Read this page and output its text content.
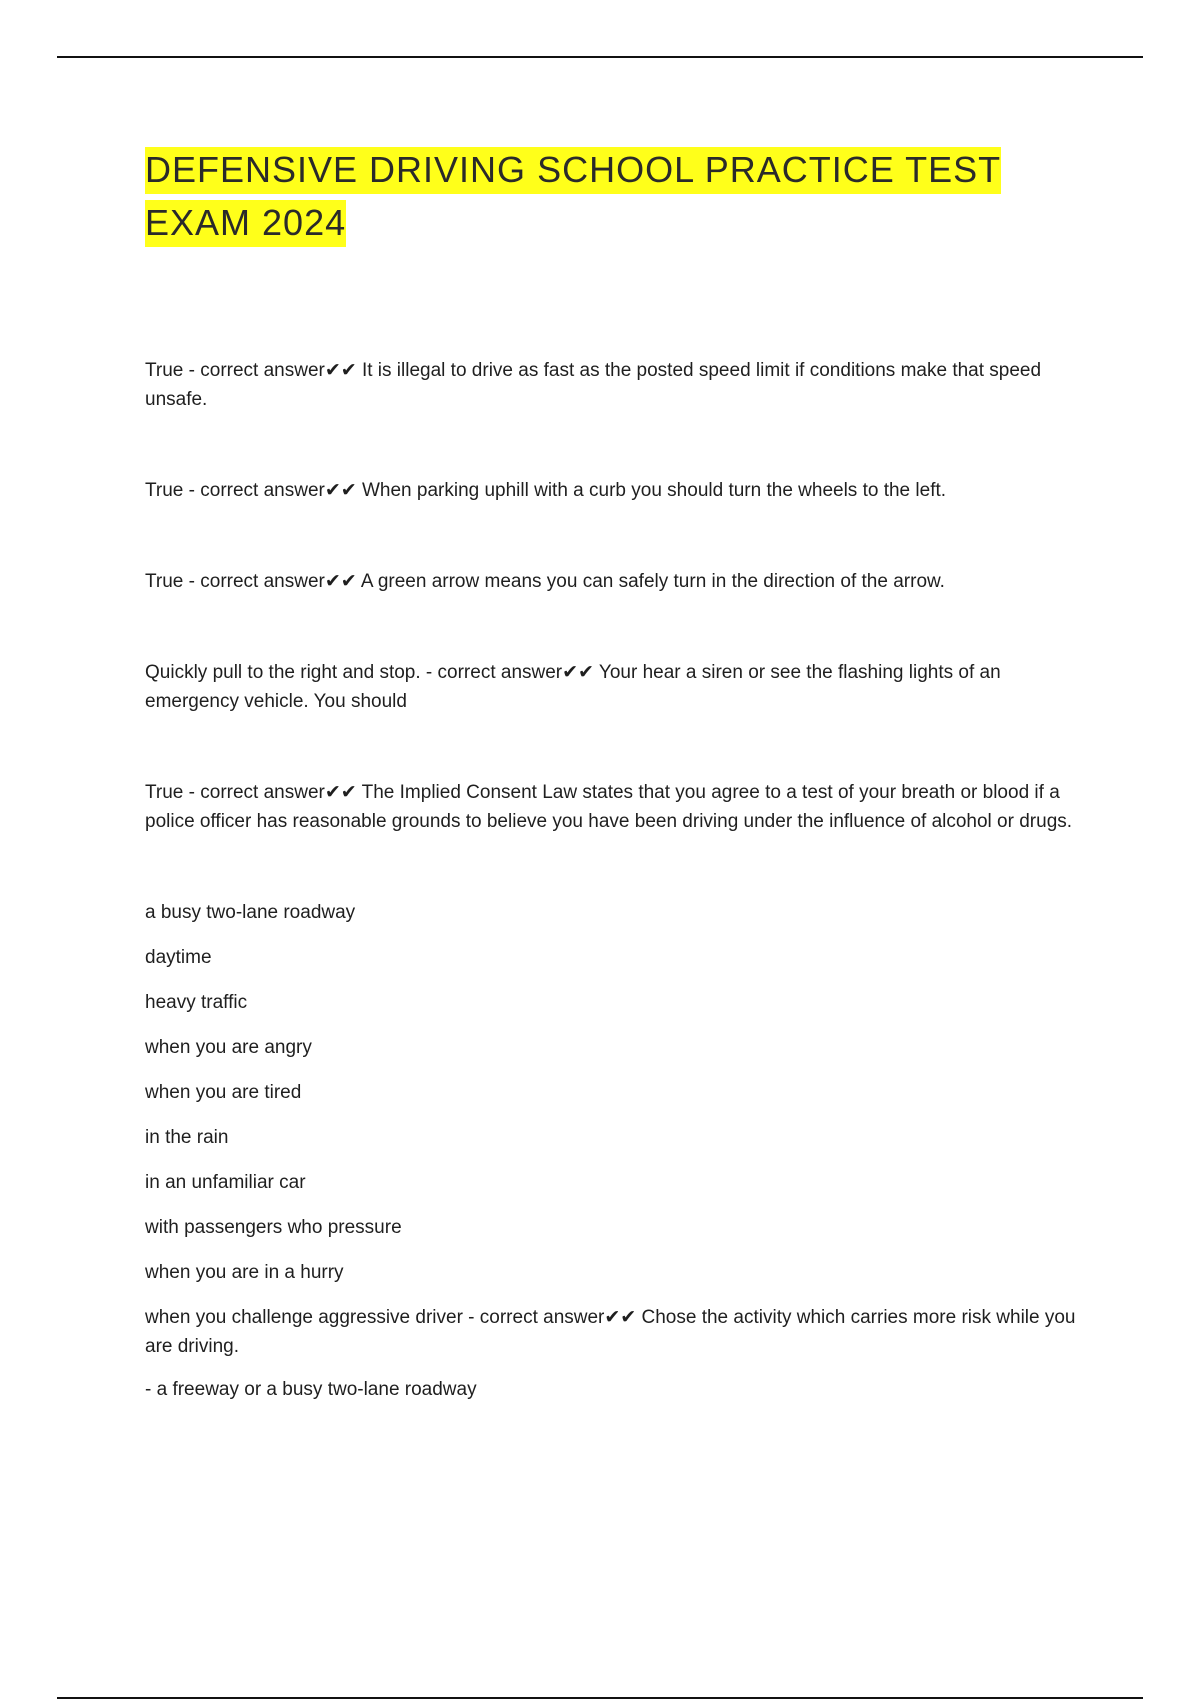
DEFENSIVE DRIVING SCHOOL PRACTICE TEST EXAM 2024
True - correct answer✔✔ It is illegal to drive as fast as the posted speed limit if conditions make that speed unsafe.
True - correct answer✔✔ When parking uphill with a curb you should turn the wheels to the left.
True - correct answer✔✔ A green arrow means you can safely turn in the direction of the arrow.
Quickly pull to the right and stop. - correct answer✔✔ Your hear a siren or see the flashing lights of an emergency vehicle. You should
True - correct answer✔✔ The Implied Consent Law states that you agree to a test of your breath or blood if a police officer has reasonable grounds to believe you have been driving under the influence of alcohol or drugs.
a busy two-lane roadway
daytime
heavy traffic
when you are angry
when you are tired
in the rain
in an unfamiliar car
with passengers who pressure
when you are in a hurry
when you challenge aggressive driver - correct answer✔✔ Chose the activity which carries more risk while you are driving.
- a freeway or a busy two-lane roadway
